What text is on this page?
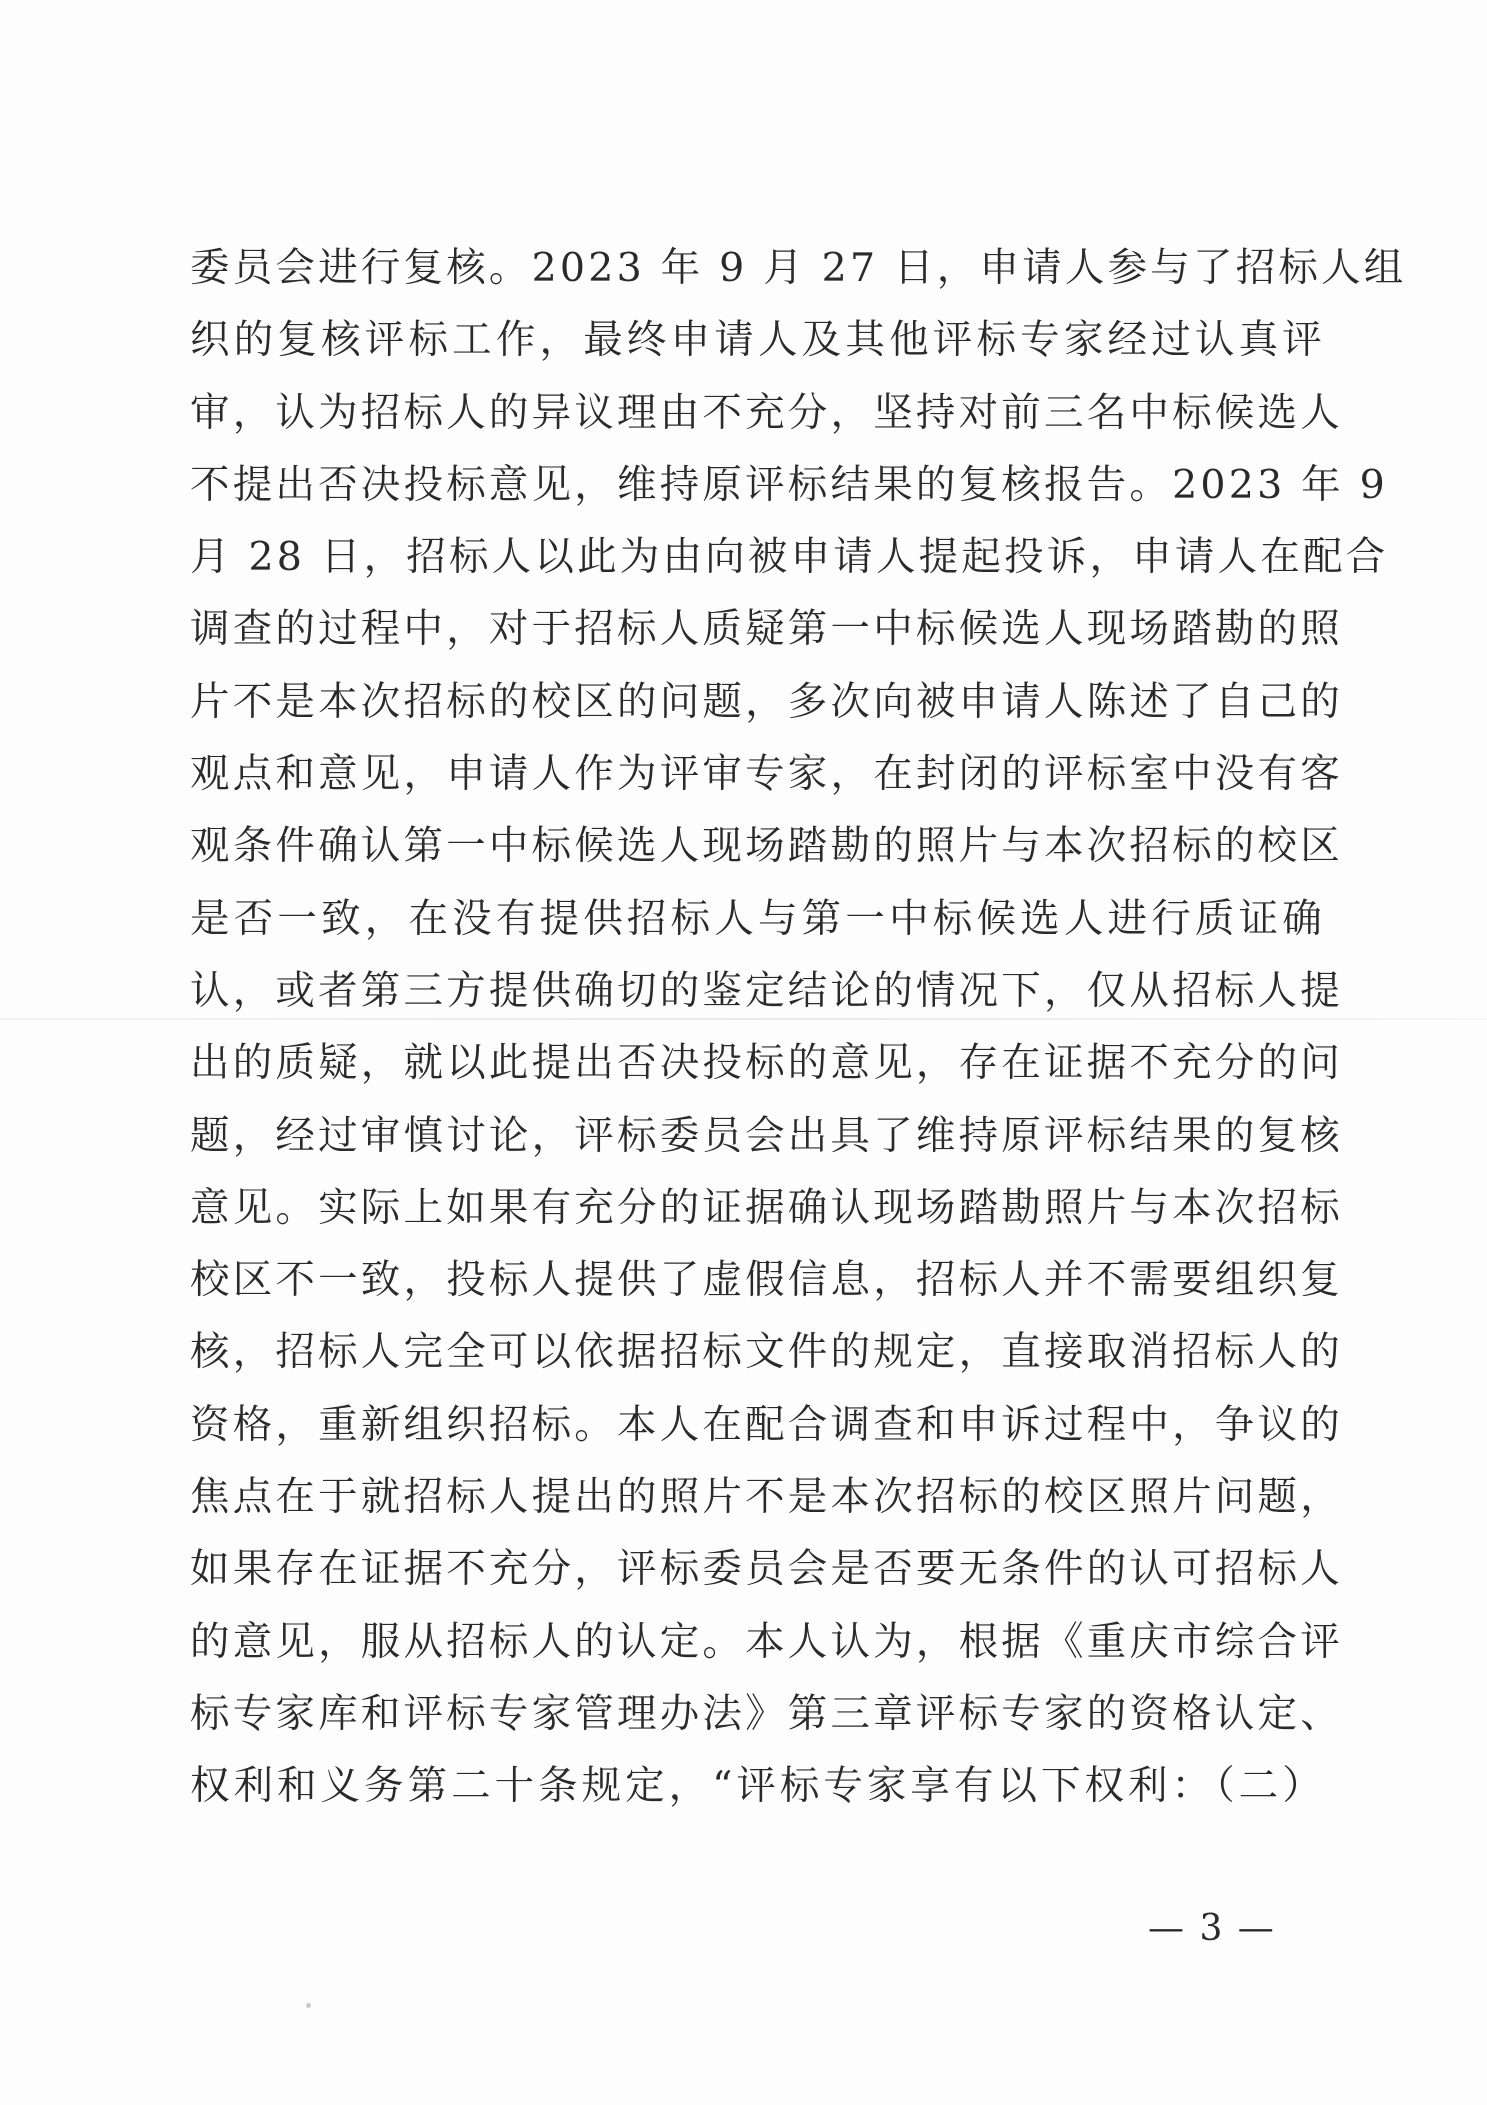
委员会进行复核。2023 年 9 月 27 日，申请人参与了招标人组
织的复核评标工作，最终申请人及其他评标专家经过认真评
审，认为招标人的异议理由不充分，坚持对前三名中标候选人
不提出否决投标意见，维持原评标结果的复核报告。2023 年 9
月 28 日，招标人以此为由向被申请人提起投诉，申请人在配合
调查的过程中，对于招标人质疑第一中标候选人现场踏勘的照
片不是本次招标的校区的问题，多次向被申请人陈述了自己的
观点和意见，申请人作为评审专家，在封闭的评标室中没有客
观条件确认第一中标候选人现场踏勘的照片与本次招标的校区
是否一致，在没有提供招标人与第一中标候选人进行质证确
认，或者第三方提供确切的鉴定结论的情况下，仅从招标人提
出的质疑，就以此提出否决投标的意见，存在证据不充分的问
题，经过审慎讨论，评标委员会出具了维持原评标结果的复核
意见。实际上如果有充分的证据确认现场踏勘照片与本次招标
校区不一致，投标人提供了虚假信息，招标人并不需要组织复
核，招标人完全可以依据招标文件的规定，直接取消招标人的
资格，重新组织招标。本人在配合调查和申诉过程中，争议的
焦点在于就招标人提出的照片不是本次招标的校区照片问题，
如果存在证据不充分，评标委员会是否要无条件的认可招标人
的意见，服从招标人的认定。本人认为，根据《重庆市综合评
标专家库和评标专家管理办法》第三章评标专家的资格认定、
权利和义务第二十条规定，“评标专家享有以下权利：（二）
— 3 —
